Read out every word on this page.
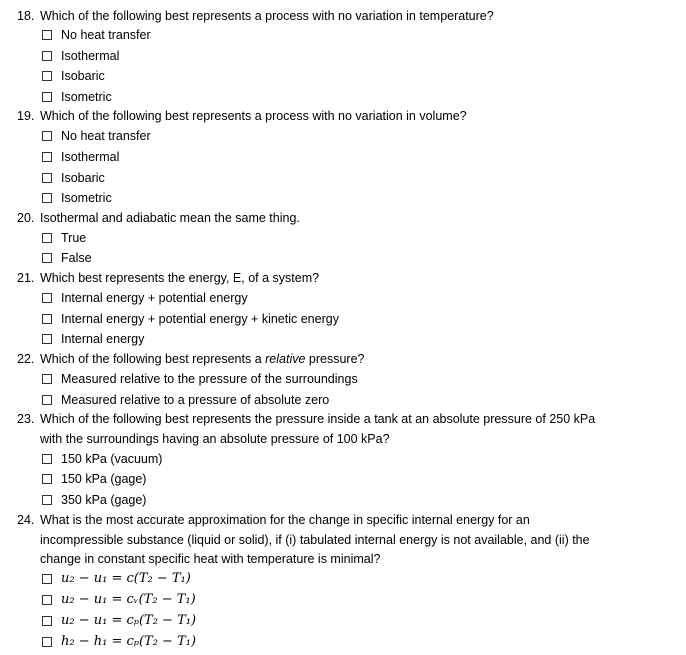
18. Which of the following best represents a process with no variation in temperature?
No heat transfer
Isothermal
Isobaric
Isometric
19. Which of the following best represents a process with no variation in volume?
No heat transfer
Isothermal
Isobaric
Isometric
20. Isothermal and adiabatic mean the same thing.
True
False
21. Which best represents the energy, E, of a system?
Internal energy + potential energy
Internal energy + potential energy + kinetic energy
Internal energy
22. Which of the following best represents a relative pressure?
Measured relative to the pressure of the surroundings
Measured relative to a pressure of absolute zero
23. Which of the following best represents the pressure inside a tank at an absolute pressure of 250 kPa
with the surroundings having an absolute pressure of 100 kPa?
150 kPa (vacuum)
150 kPa (gage)
350 kPa (gage)
24. What is the most accurate approximation for the change in specific internal energy for an
incompressible substance (liquid or solid), if (i) tabulated internal energy is not available, and (ii) the
change in constant specific heat with temperature is minimal?
u₂ − u₁ = c(T₂ − T₁)
u₂ − u₁ = cᵥ(T₂ − T₁)
u₂ − u₁ = cₚ(T₂ − T₁)
h₂ − h₁ = cₚ(T₂ − T₁)
